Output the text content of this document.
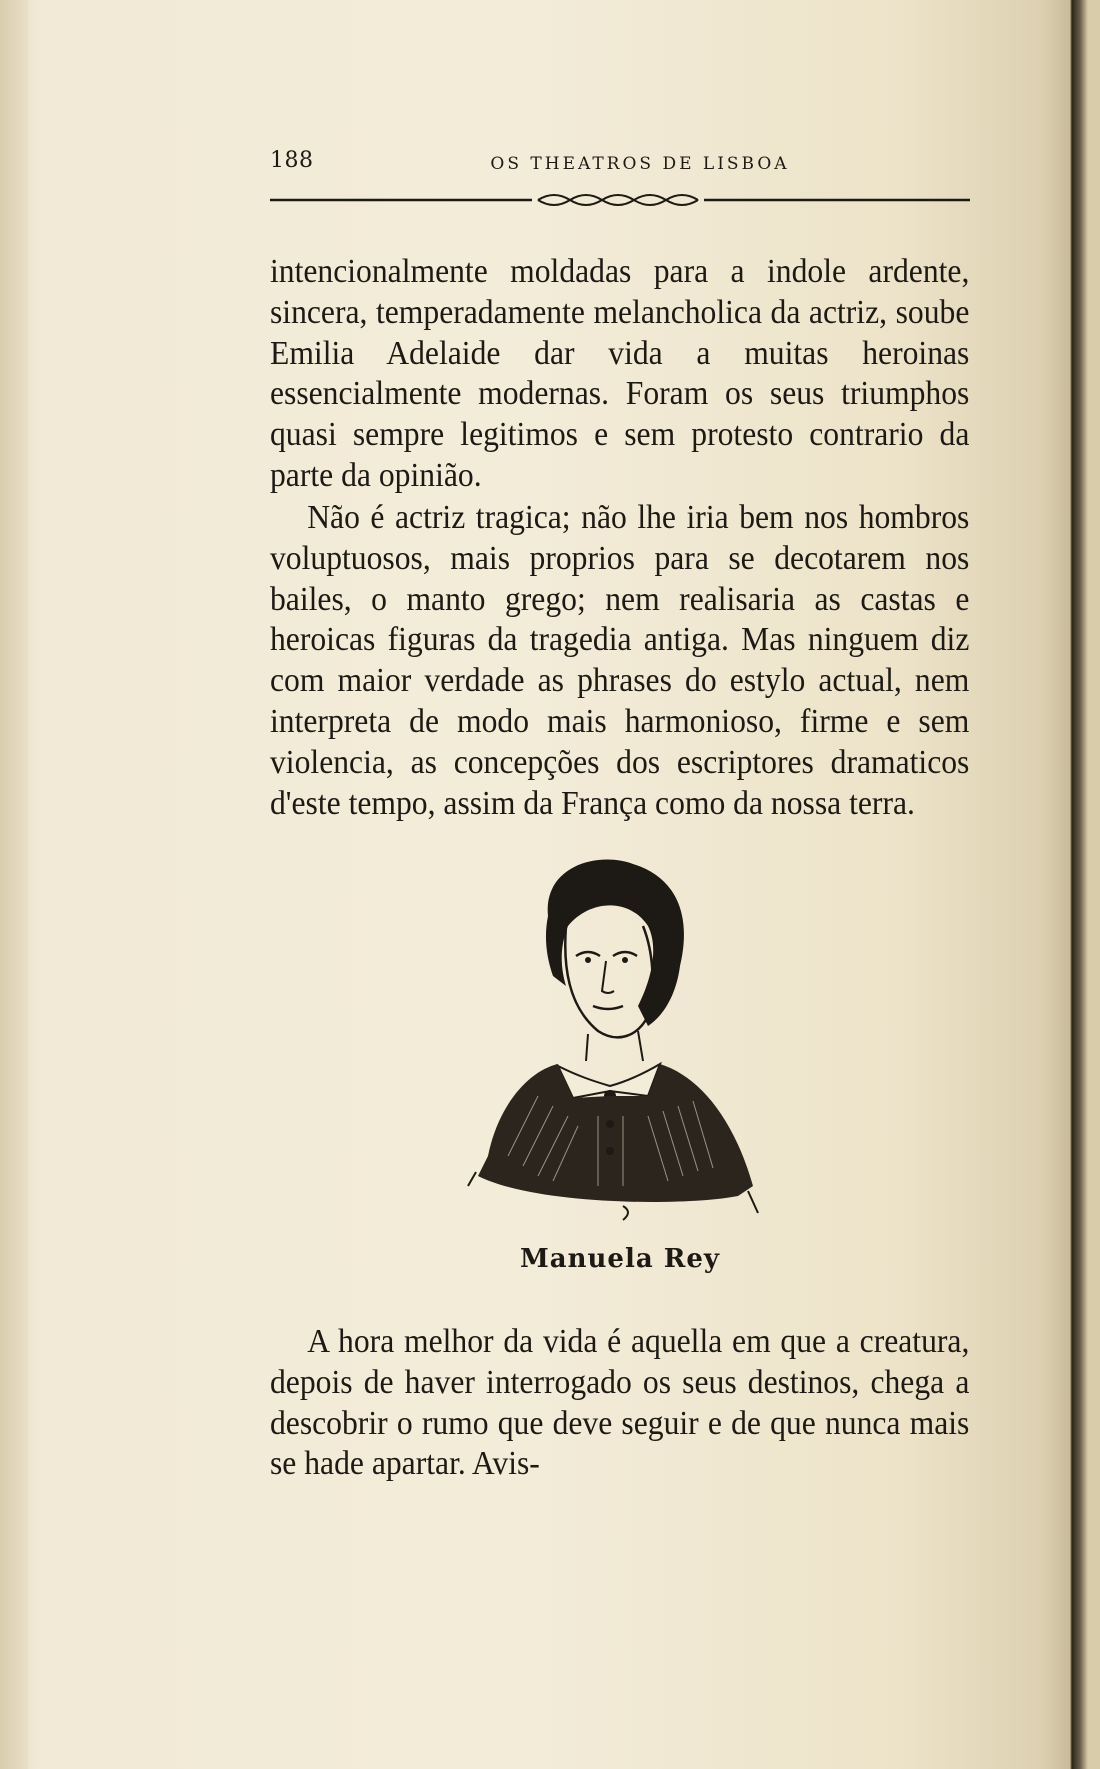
188	OS THEATROS DE LISBOA

intencionalmente moldadas para a indole ardente, sincera, temperadamente melancholica da actriz, soube Emilia Adelaide dar vida a muitas heroinas essencialmente modernas. Foram os seus triumphos quasi sempre legitimos e sem protesto contrario da parte da opinião.

Não é actriz tragica; não lhe iria bem nos hombros voluptuosos, mais proprios para se decotarem nos bailes, o manto grego; nem realisaria as castas e heroicas figuras da tragedia antiga. Mas ninguem diz com maior verdade as phrases do estylo actual, nem interpreta de modo mais harmonioso, firme e sem violencia, as concepções dos escriptores dramaticos d'este tempo, assim da França como da nossa terra.

Manuela Rey

A hora melhor da vida é aquella em que a creatura, depois de haver interrogado os seus destinos, chega a descobrir o rumo que deve seguir e de que nunca mais se hade apartar. Avis-
